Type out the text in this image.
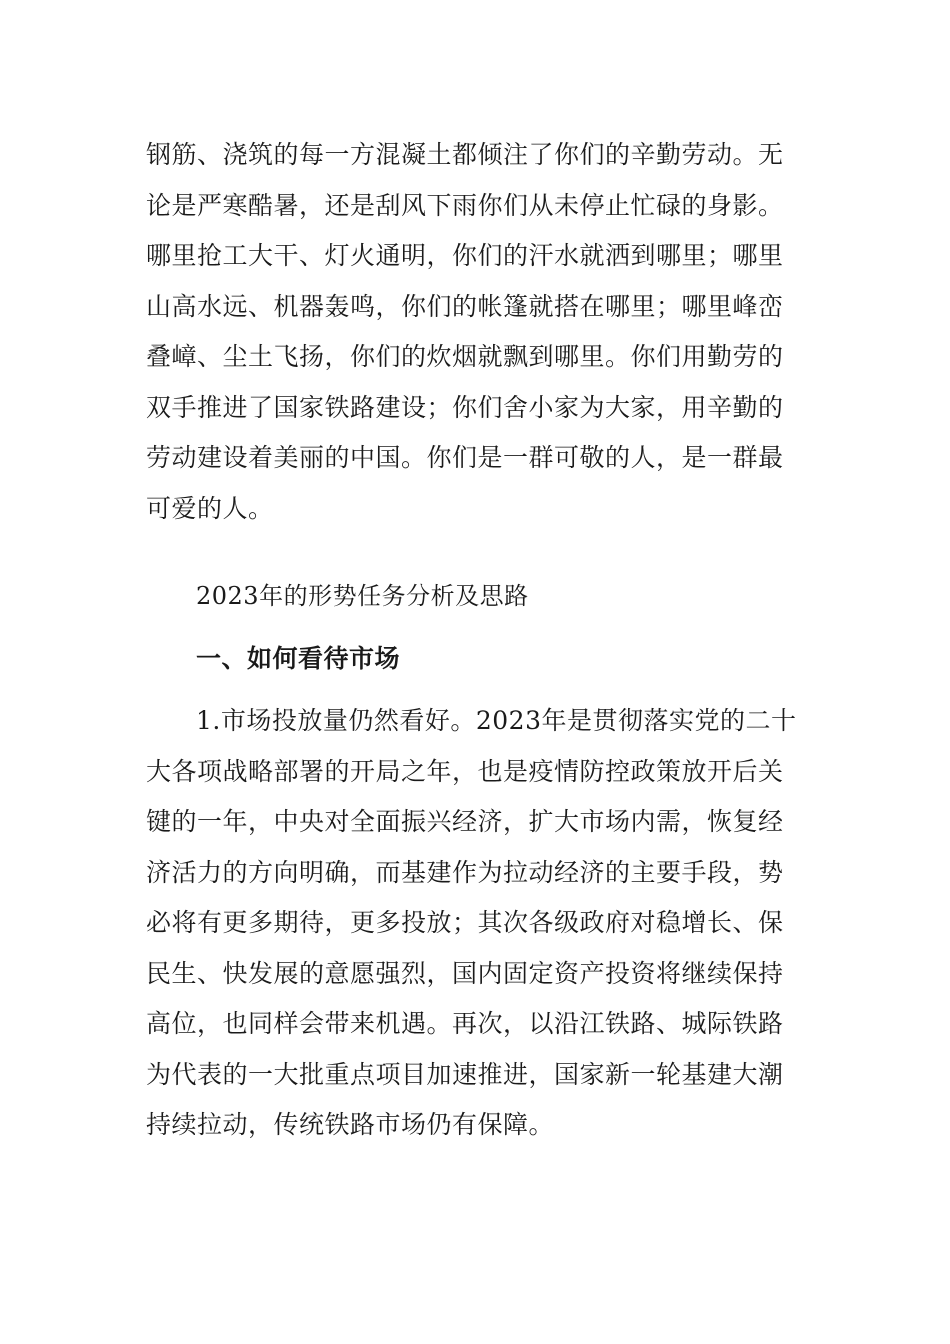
钢筋、浇筑的每一方混凝土都倾注了你们的辛勤劳动。无

论是严寒酷暑，还是刮风下雨你们从未停止忙碌的身影。

哪里抢工大干、灯火通明，你们的汗水就洒到哪里；哪里

山高水远、机器轰鸣，你们的帐篷就搭在哪里；哪里峰峦

叠嶂、尘土飞扬，你们的炊烟就飘到哪里。你们用勤劳的

双手推进了国家铁路建设；你们舍小家为大家，用辛勤的

劳动建设着美丽的中国。你们是一群可敬的人，是一群最

可爱的人。

2023年的形势任务分析及思路

一、如何看待市场

1.市场投放量仍然看好。2023年是贯彻落实党的二十

大各项战略部署的开局之年，也是疫情防控政策放开后关

键的一年，中央对全面振兴经济，扩大市场内需，恢复经

济活力的方向明确，而基建作为拉动经济的主要手段，势

必将有更多期待，更多投放；其次各级政府对稳增长、保

民生、快发展的意愿强烈，国内固定资产投资将继续保持

高位，也同样会带来机遇。再次，以沿江铁路、城际铁路

为代表的一大批重点项目加速推进，国家新一轮基建大潮

持续拉动，传统铁路市场仍有保障。
